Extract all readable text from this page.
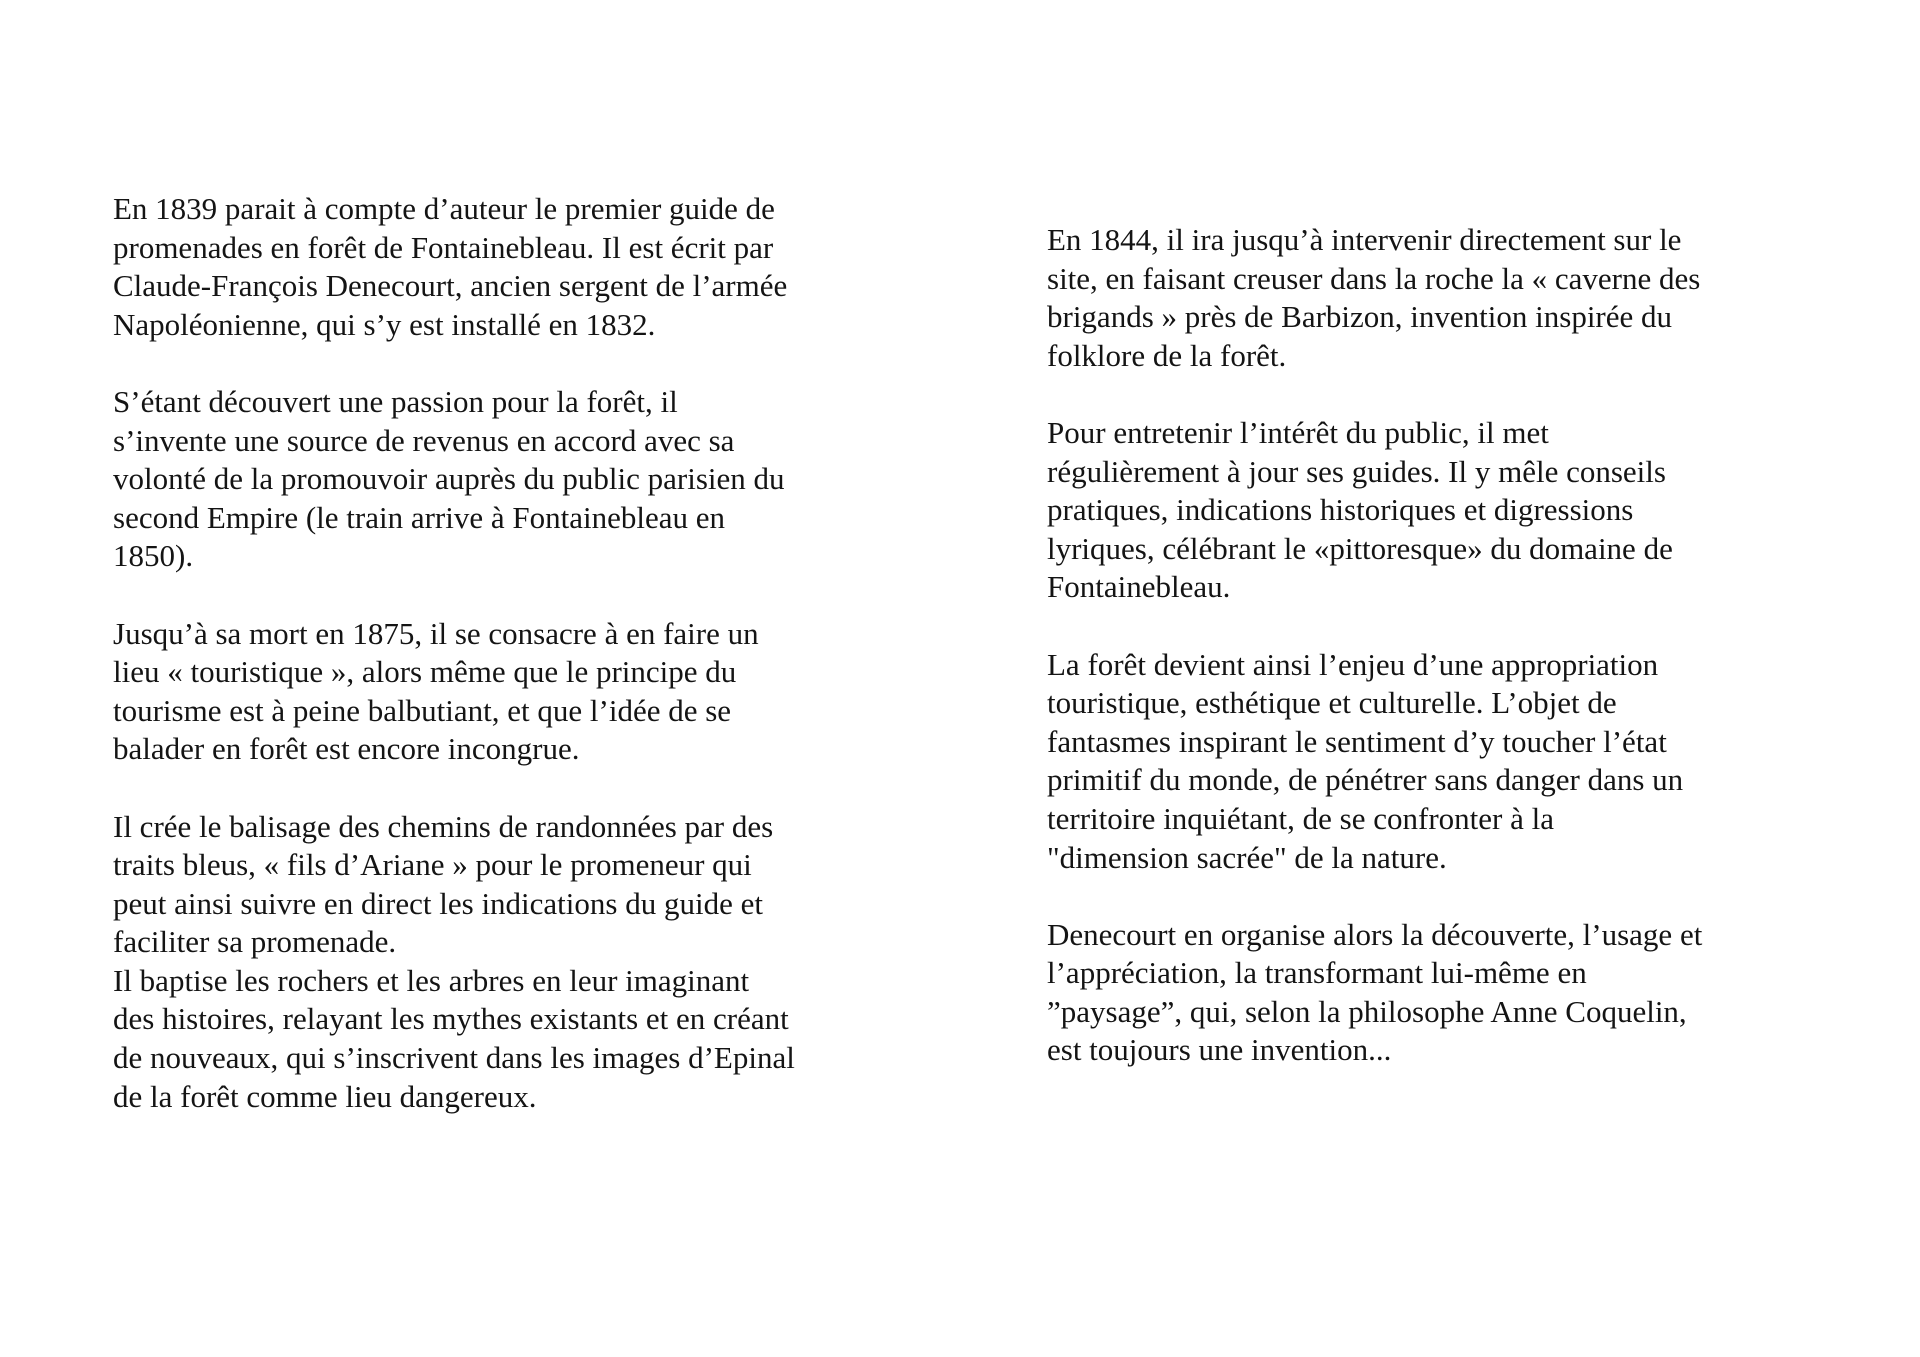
En 1839 parait à compte d’auteur le premier guide de
promenades en forêt de Fontainebleau. Il est écrit par
Claude-François Denecourt, ancien sergent de l’armée
Napoléonienne, qui s’y est installé en 1832.

S’étant découvert une passion pour la forêt, il
s’invente une source de revenus en accord avec sa
volonté de la promouvoir auprès du public parisien du
second Empire (le train arrive à Fontainebleau en
1850).

Jusqu’à sa mort en 1875, il se consacre à en faire un
lieu « touristique », alors même que le principe du
tourisme est à peine balbutiant, et que l’idée de se
balader en forêt est encore incongrue.

Il crée le balisage des chemins de randonnées par des
traits bleus, « fils d’Ariane » pour le promeneur qui
peut ainsi suivre en direct les indications du guide et
faciliter sa promenade.

Il baptise les rochers et les arbres en leur imaginant
des histoires, relayant les mythes existants et en créant
de nouveaux, qui s’inscrivent dans les images d’Epinal
de la forêt comme lieu dangereux.

En 1844, il ira jusqu’à intervenir directement sur le
site, en faisant creuser dans la roche la « caverne des
brigands » près de Barbizon, invention inspirée du
folklore de la forêt.

Pour entretenir l’intérêt du public, il met
régulièrement à jour ses guides. Il y mêle conseils
pratiques, indications historiques et digressions
lyriques, célébrant le «pittoresque» du domaine de
Fontainebleau.

La forêt devient ainsi l’enjeu d’une appropriation
touristique, esthétique et culturelle. L’objet de
fantasmes inspirant le sentiment d’y toucher l’état
primitif du monde, de pénétrer sans danger dans un
territoire inquiétant, de se confronter à la
"dimension sacrée" de la nature.

Denecourt en organise alors la découverte, l’usage et
l’appréciation, la transformant lui-même en
”paysage”, qui, selon la philosophe Anne Coquelin,
est toujours une invention...
